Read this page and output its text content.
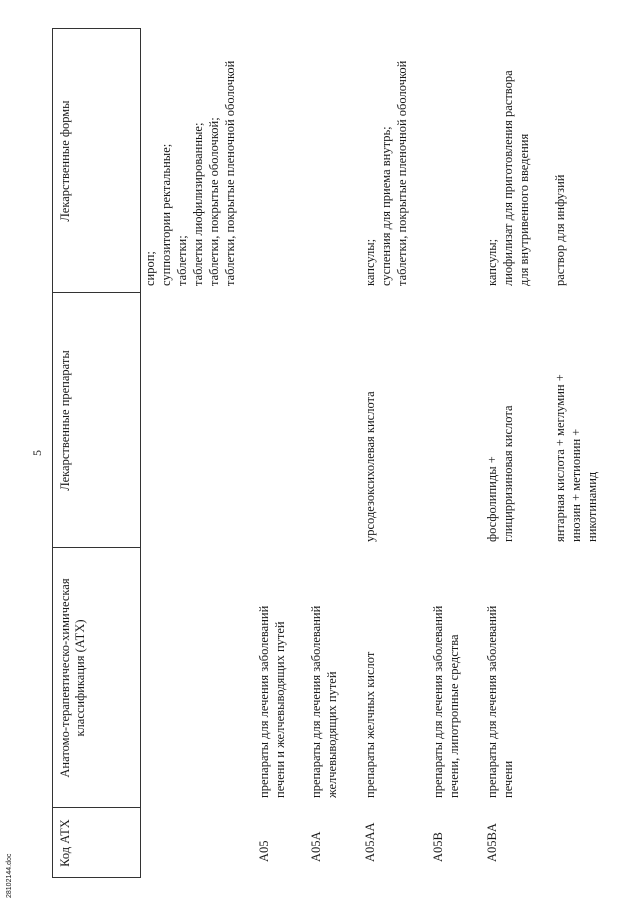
5
Код АТХ
Анатомо-терапевтическо-химическая классификация (АТХ)
Лекарственные препараты
Лекарственные формы
сироп; суппозитории ректальные; таблетки; таблетки лиофилизированные; таблетки, покрытые оболочкой; таблетки, покрытые пленочной оболочкой
A05
препараты для лечения заболеваний печени и желчевыводящих путей
A05A
препараты для лечения заболеваний желчевыводящих путей
A05AA
препараты желчных кислот
урсодезоксихолевая кислота
капсулы; суспензия для приема внутрь; таблетки, покрытые пленочной оболочкой
A05B
препараты для лечения заболеваний печени, липотропные средства
A05BA
препараты для лечения заболеваний печени
фосфолипиды + глицирризиновая кислота
капсулы; лиофилизат для приготовления раствора для внутривенного введения
янтарная кислота + меглумин + инозин + метионин + никотинамид
раствор для инфузий
28102144.doc
